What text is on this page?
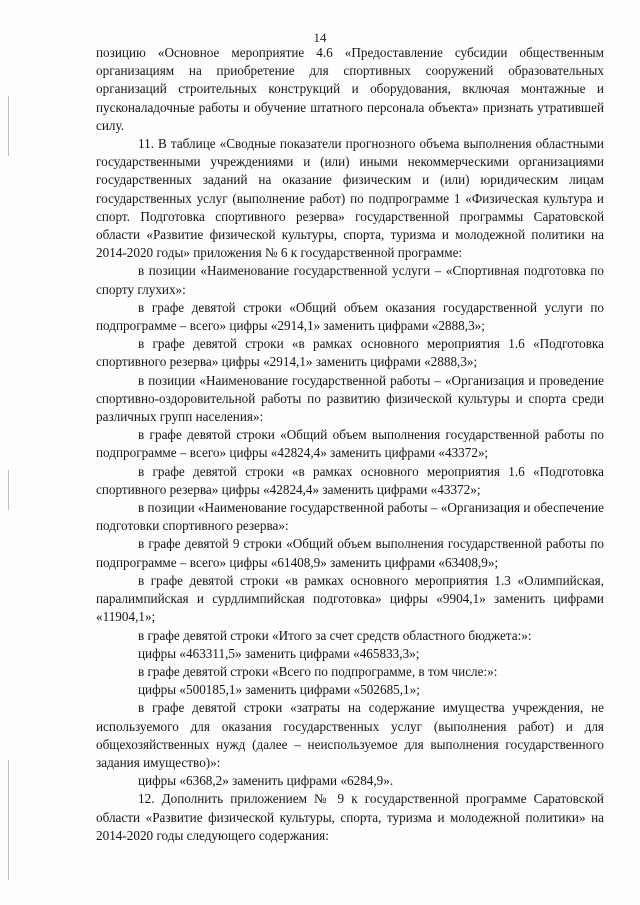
14

позицию «Основное мероприятие 4.6 «Предоставление субсидии общественным организациям на приобретение для спортивных сооружений образовательных организаций строительных конструкций и оборудования, включая монтажные и пусконаладочные работы и обучение штатного персонала объекта» признать утратившей силу.

11. В таблице «Сводные показатели прогнозного объема выполнения областными государственными учреждениями и (или) иными некоммерческими организациями государственных заданий на оказание физическим и (или) юридическим лицам государственных услуг (выполнение работ) по подпрограмме 1 «Физическая культура и спорт. Подготовка спортивного резерва» государственной программы Саратовской области «Развитие физической культуры, спорта, туризма и молодежной политики на 2014-2020 годы» приложения № 6 к государственной программе:

в позиции «Наименование государственной услуги – «Спортивная подготовка по спорту глухих»:

в графе девятой строки «Общий объем оказания государственной услуги по подпрограмме – всего» цифры «2914,1» заменить цифрами «2888,3»;

в графе девятой строки «в рамках основного мероприятия 1.6 «Подготовка спортивного резерва» цифры «2914,1» заменить цифрами «2888,3»;

в позиции «Наименование государственной работы – «Организация и проведение спортивно-оздоровительной работы по развитию физической культуры и спорта среди различных групп населения»:

в графе девятой строки «Общий объем выполнения государственной работы по подпрограмме – всего» цифры «42824,4» заменить цифрами «43372»;

в графе девятой строки «в рамках основного мероприятия 1.6 «Подготовка спортивного резерва» цифры «42824,4» заменить цифрами «43372»;

в позиции «Наименование государственной работы – «Организация и обеспечение подготовки спортивного резерва»:

в графе девятой 9 строки «Общий объем выполнения государственной работы по подпрограмме – всего» цифры «61408,9» заменить цифрами «63408,9»;

в графе девятой строки «в рамках основного мероприятия 1.3 «Олимпийская, паралимпийская и сурдлимпийская подготовка» цифры «9904,1» заменить цифрами «11904,1»;

в графе девятой строки «Итого за счет средств областного бюджета:»:

цифры «463311,5» заменить цифрами «465833,3»;

в графе девятой строки «Всего по подпрограмме, в том числе:»:

цифры «500185,1» заменить цифрами «502685,1»;

в графе девятой строки «затраты на содержание имущества учреждения, не используемого для оказания государственных услуг (выполнения работ) и для общехозяйственных нужд (далее – неиспользуемое для выполнения государственного задания имущество)»:

цифры «6368,2» заменить цифрами «6284,9».

12. Дополнить приложением № 9 к государственной программе Саратовской области «Развитие физической культуры, спорта, туризма и молодежной политики» на 2014-2020 годы следующего содержания:
